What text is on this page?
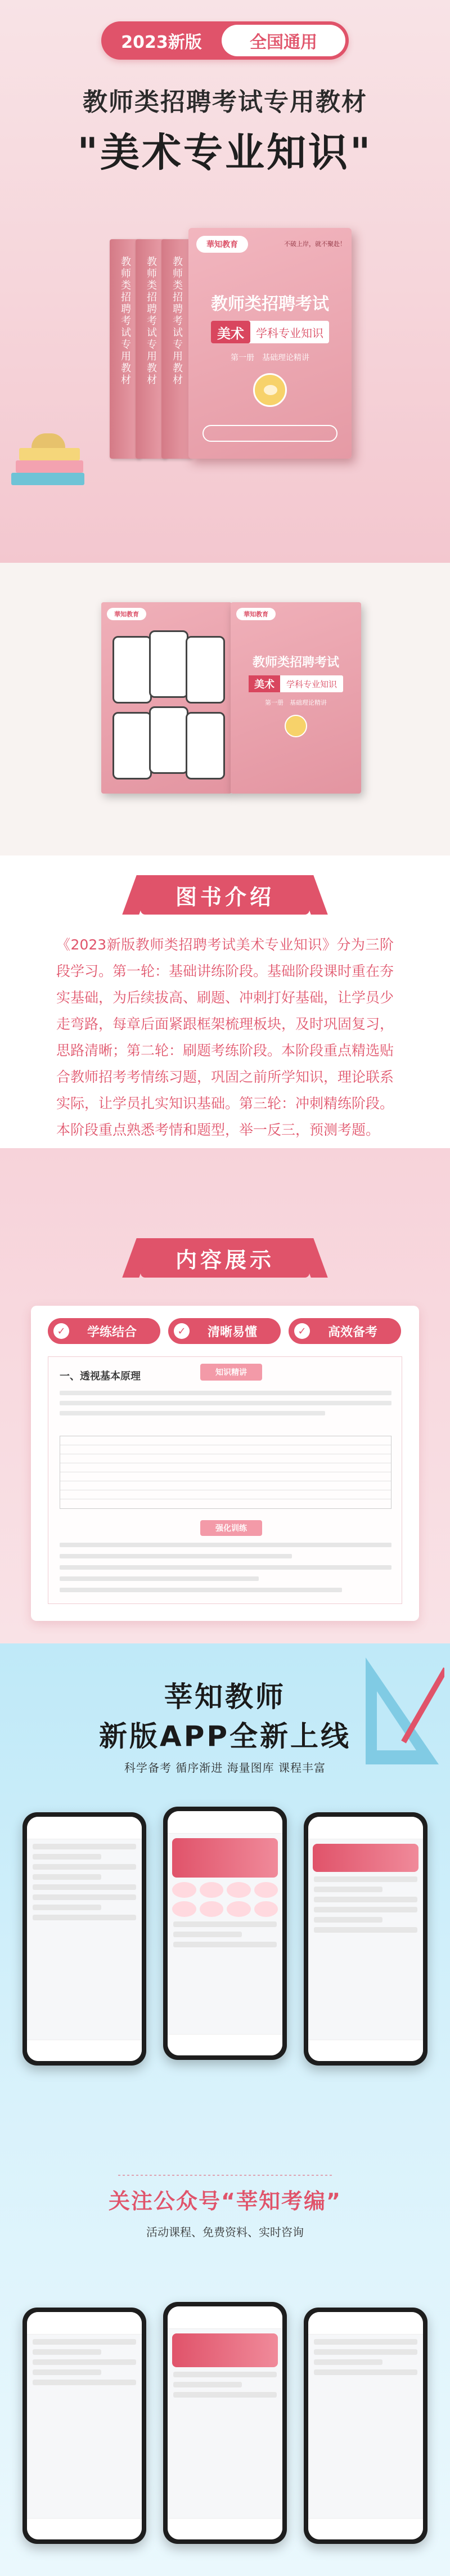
2023新版	全国通用
教师类招聘考试专用教材
"美术专业知识"
教师类招聘考试专用教材 教师类招聘考试专用教材 教师类招聘考试专用教材
華知教育	不破上岸，就不聚赴！
教师类招聘考试
美术	学科专业知识
第一册　基础理论精讲
華知教育	華知教育
教师类招聘考试
美术	学科专业知识
第一册　基础理论精讲
图书介绍
《2023新版教师类招聘考试美术专业知识》分为三阶段学习。第一轮：基础讲练阶段。基础阶段课时重在夯实基础，为后续拔高、刷题、冲刺打好基础，让学员少走弯路，每章后面紧跟框架梳理板块，及时巩固复习，思路清晰；第二轮：刷题考练阶段。本阶段重点精选贴合教师招考考情练习题，巩固之前所学知识，理论联系实际，让学员扎实知识基础。第三轮：冲刺精练阶段。本阶段重点熟悉考情和题型，举一反三，预测考题。
内容展示
✓	学练结合	✓	清晰易懂	✓	高效备考
一、透视基本原理	知识精讲
强化训练
莘知教师
新版APP全新上线
科学备考 循序渐进 海量图库 课程丰富
关注公众号“莘知考编”
活动课程、免费资料、实时咨询
